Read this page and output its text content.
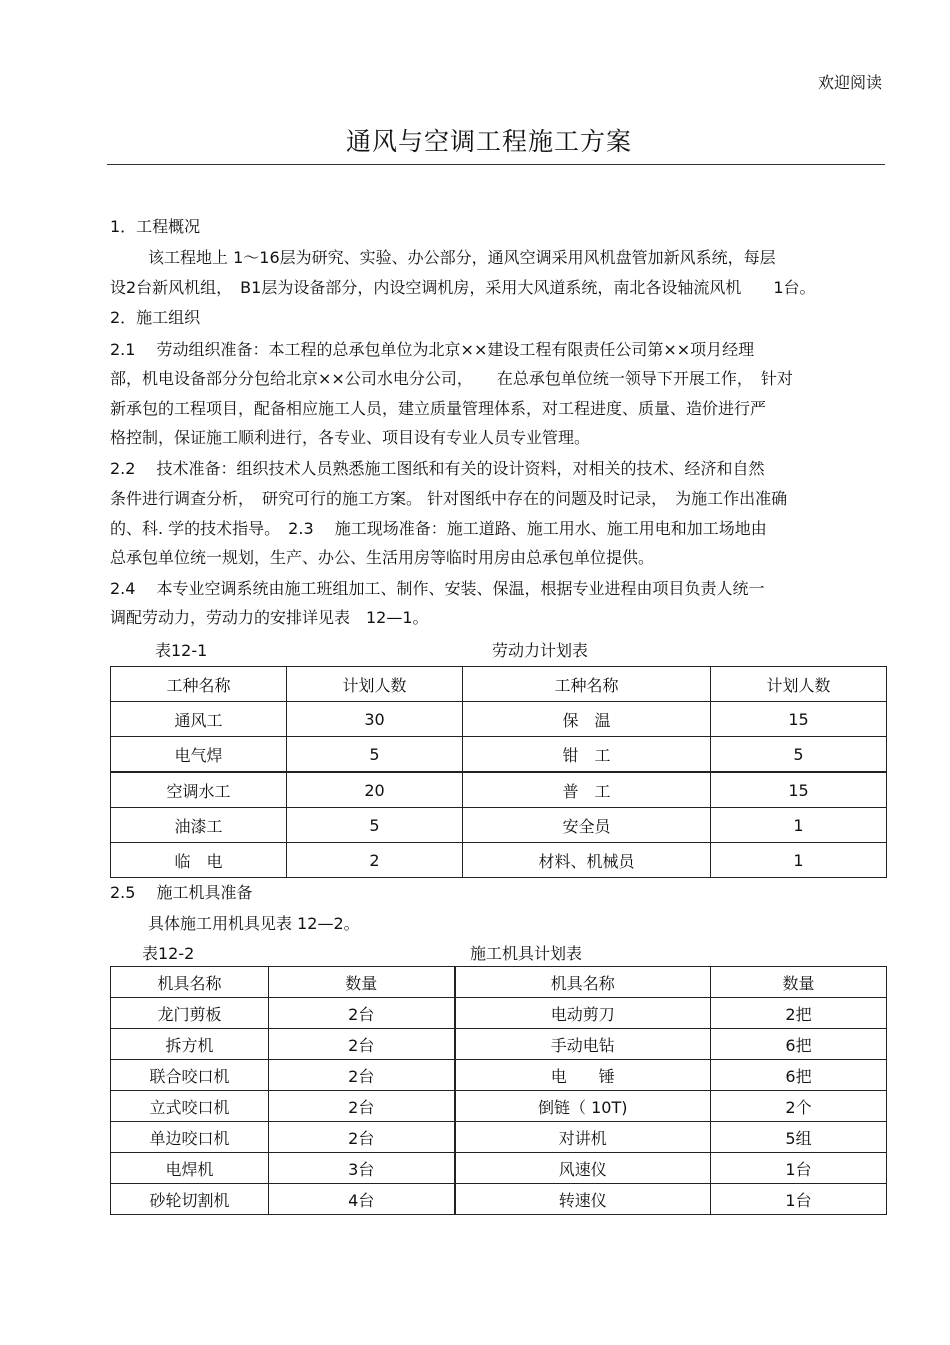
欢迎阅读
通风与空调工程施工方案
1．工程概况
该工程地上 1～16层为研究、实验、办公部分，通风空调采用风机盘管加新风系统，每层
设2台新风机组，　B1层为设备部分，内设空调机房，采用大风道系统，南北各设轴流风机　　1台。
2．施工组织
2.1　 劳动组织准备：本工程的总承包单位为北京××建设工程有限责任公司第××项月经理
部，机电设备部分分包给北京××公司水电分公司，　　在总承包单位统一领导下开展工作，　针对
新承包的工程项目，配备相应施工人员，建立质量管理体系，对工程进度、质量、造价进行严
格控制，保证施工顺利进行，各专业、项目设有专业人员专业管理。
2.2　 技术准备：组织技术人员熟悉施工图纸和有关的设计资料，对相关的技术、经济和自然
条件进行调查分析，　研究可行的施工方案。 针对图纸中存在的问题及时记录，　为施工作出准确
的、科. 学的技术指导。　2.3　 施工现场准备：施工道路、施工用水、施工用电和加工场地由
总承包单位统一规划，生产、办公、生活用房等临时用房由总承包单位提供。
2.4　 本专业空调系统由施工班组加工、制作、安装、保温，根据专业进程由项目负责人统一
调配劳动力，劳动力的安排详见表　12—1。
表12-1	劳动力计划表
工种名称	计划人数	工种名称	计划人数
通风工	30	保　温	15
电气焊	5	钳　工	5
空调水工	20	普　工	15
油漆工	5	安全员	1
临　电	2	材料、机械员	1
2.5　 施工机具准备
具体施工用机具见表 12—2。
表12-2	施工机具计划表
机具名称	数量	机具名称	数量
龙门剪板	2台	电动剪刀	2把
拆方机	2台	手动电钻	6把
联合咬口机	2台	电　　锤	6把
立式咬口机	2台	倒链（ 10T)	2个
单边咬口机	2台	对讲机	5组
电焊机	3台	风速仪	1台
砂轮切割机	4台	转速仪	1台
